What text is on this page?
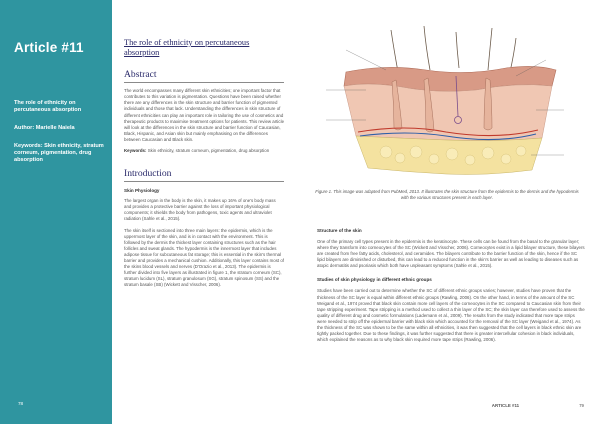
Article #11

The role of ethnicity on percutaneous absorption

Author: Marielle Naiela

Keywords: Skin ethnicity, stratum corneum, pigmentation, drug absorption

78

The role of ethnicity on percutaneous absorption

Abstract

The world encompasses many different skin ethnicities; one important factor that contributes to this variation is pigmentation. Questions have been raised whether there are any differences in the skin structure and barrier function of pigmented individuals and those that lack. Understanding the differences in skin structure of different ethnicities can play an important role in tailoring the use of cosmetics and therapeutic products to maximise treatment options for patients. This review article will look at the differences in the skin structure and barrier function of Caucasian, Black, Hispanic, and Asian skin but mainly emphasising on the differences between Caucasian and Black skin.

Keywords: Skin ethnicity, stratum corneum, pigmentation, drug absorption

Introduction

Skin Physiology

The largest organ in the body is the skin, it makes up 16% of one's body mass and provides a protective barrier against the loss of important physiological components; it shields the body from pathogens, toxic agents and ultraviolet radiation (Sahle et al., 2015).

The skin itself is sectioned into three main layers: the epidermis, which is the uppermost layer of the skin, and is in contact with the environment. This is followed by the dermis the thickest layer containing structures such as the hair follicles and sweat glands. The hypodermis is the innermost layer that includes adipose tissue for subcutaneous fat storage; this is essential in the skin's thermal barrier and provides a mechanical cushion. Additionally, this layer contains most of the skins blood vessels and nerves (D'Orazio et al., 2013). The epidermis is further divided into five layers as illustrated in figure 1, the stratum corneum (SC), stratum lucidum (SL), stratum granulosum (SG), stratum spinosum (SS) and the stratum basale (SB) (Wickett and Visscher, 2006).

Figure 1. This image was adapted from PubMed, 2013. It illustrates the skin structure from the epidermis to the dermis and the hypodermis with the various structures present in each layer.

Structure of the skin

One of the primary cell types present in the epidermis is the keratinocyte. These cells can be found from the basal to the granular layer; where they transform into corneocytes of the SC (Wickett and Visscher, 2006). Corneocytes exist in a lipid bilayer structure, these bilayers are created from free fatty acids, cholesterol, and ceramides. The bilayers contribute to the barrier function of the skin, hence if the SC lipid bilayers are diminished or disturbed, this can lead to a reduced function in the skin's barrier as well as leading to diseases such as atopic dermatitis and psoriasis which both have unpleasant symptoms (Sahle et al., 2015).

Studies of skin physiology in different ethnic groups

Studies have been carried out to determine whether the SC of different ethnic groups varies; however, studies have proven that the thickness of the SC layer is equal within different ethnic groups (Rawling, 2006). On the other hand, in terms of the amount of the SC Weigand et al., 1974 proved that black skin contain more cell layers of the corneocytes in the SC compared to Caucasian skin from their tape stripping experiment. Tape stripping is a method used to collect a thin layer of the SC; the skin layer can therefore used to assess the quality of different drug and cosmetic formulations (Lademann et al., 2009). The results from the study indicated that more tape strips were needed to strip off the epidermal barrier with black skin which accounted for the removal of the SC layer (Weigand et al., 1974). As the thickness of the SC was shown to be the same within all ethnicities, it was then suggested that the cell layers in black ethnic skin are tightly packed together. Due to these findings, it was further suggested that there is greater intercellular cohesion in black individuals, which explained the reasons as to why black skin required more tape strips (Rawling, 2006).

ARTICLE #11	79
